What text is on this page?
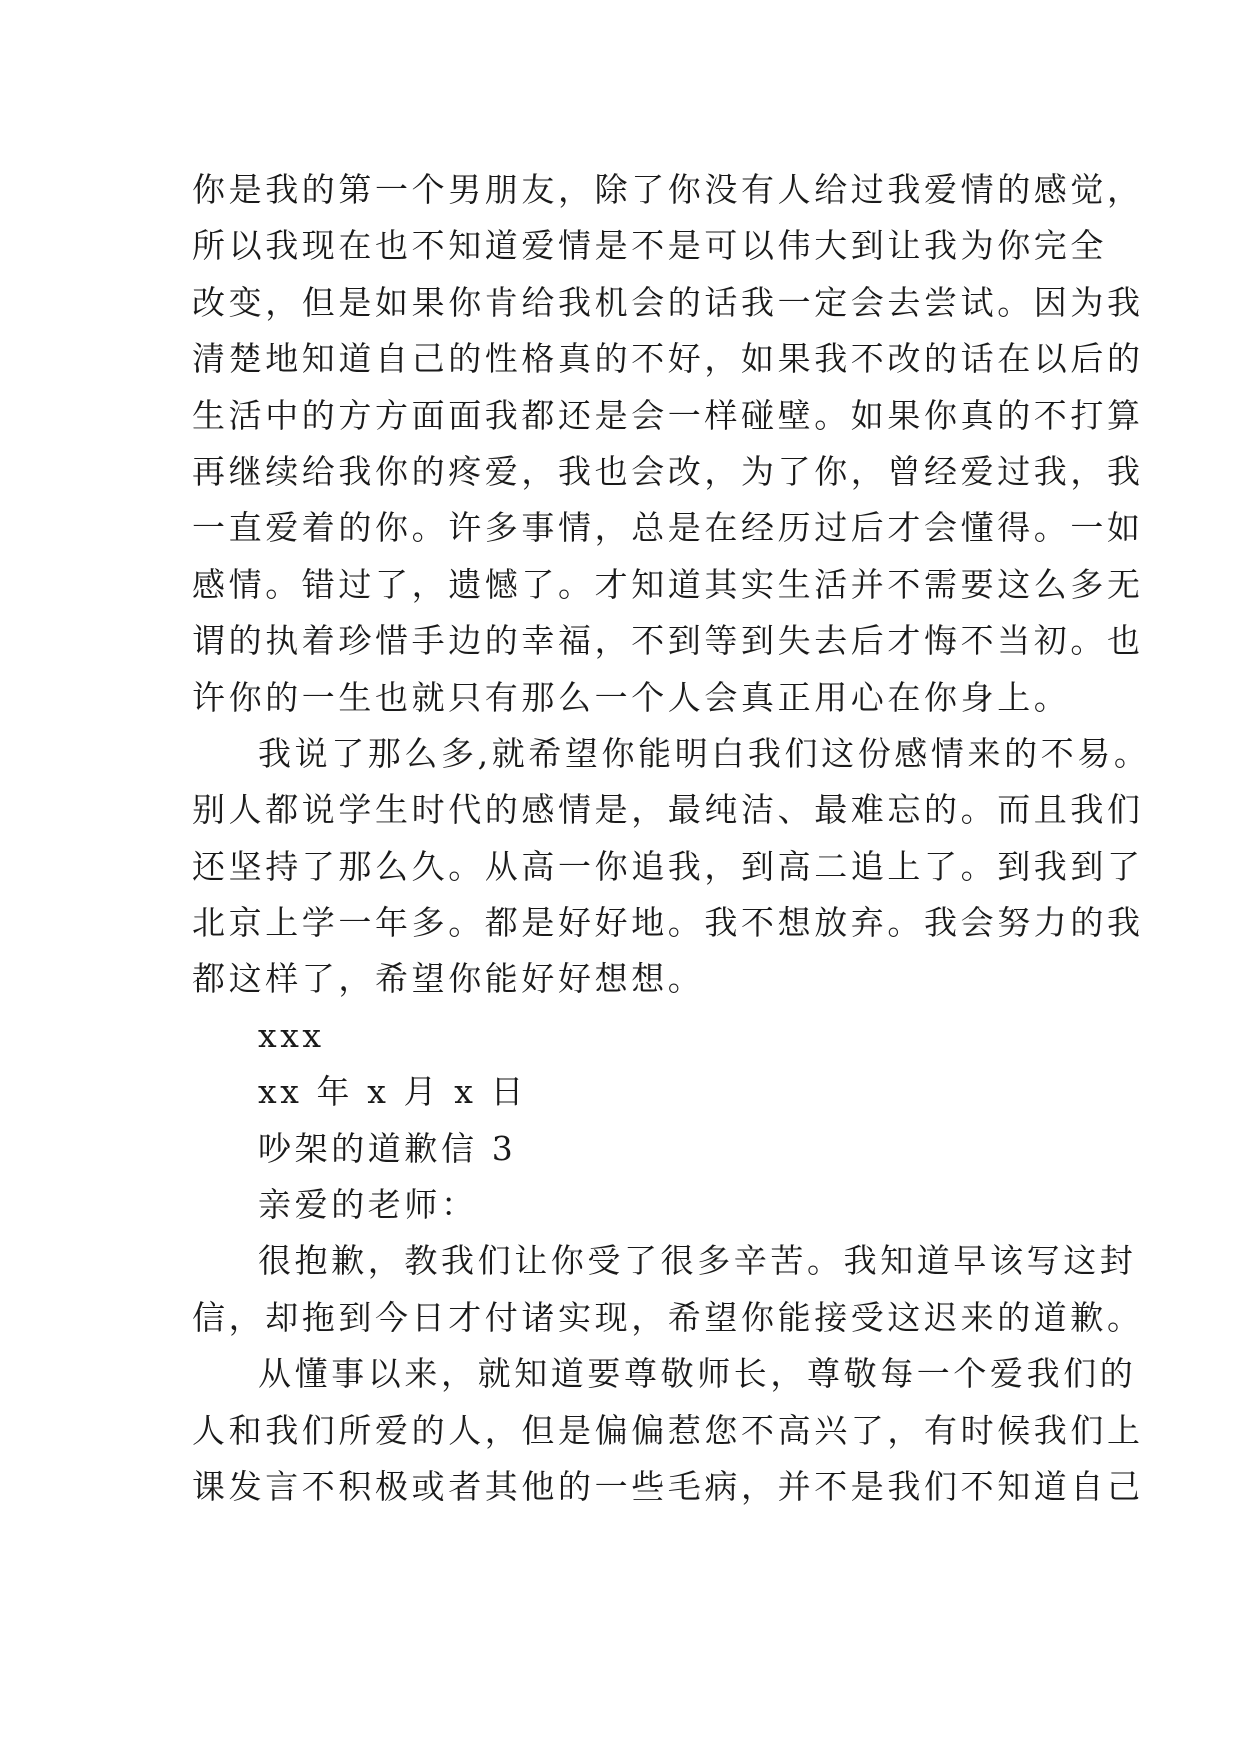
你是我的第一个男朋友，除了你没有人给过我爱情的感觉，
所以我现在也不知道爱情是不是可以伟大到让我为你完全
改变，但是如果你肯给我机会的话我一定会去尝试。因为我
清楚地知道自己的性格真的不好，如果我不改的话在以后的
生活中的方方面面我都还是会一样碰壁。如果你真的不打算
再继续给我你的疼爱，我也会改，为了你，曾经爱过我，我
一直爱着的你。许多事情，总是在经历过后才会懂得。一如
感情。错过了，遗憾了。才知道其实生活并不需要这么多无
谓的执着珍惜手边的幸福，不到等到失去后才悔不当初。也
许你的一生也就只有那么一个人会真正用心在你身上。
我说了那么多,就希望你能明白我们这份感情来的不易。
别人都说学生时代的感情是，最纯洁、最难忘的。而且我们
还坚持了那么久。从高一你追我，到高二追上了。到我到了
北京上学一年多。都是好好地。我不想放弃。我会努力的我
都这样了，希望你能好好想想。
xxx
xx 年 x 月 x 日
吵架的道歉信 3
亲爱的老师：
很抱歉，教我们让你受了很多辛苦。我知道早该写这封
信，却拖到今日才付诸实现，希望你能接受这迟来的道歉。
从懂事以来，就知道要尊敬师长，尊敬每一个爱我们的
人和我们所爱的人，但是偏偏惹您不高兴了，有时候我们上
课发言不积极或者其他的一些毛病，并不是我们不知道自己
